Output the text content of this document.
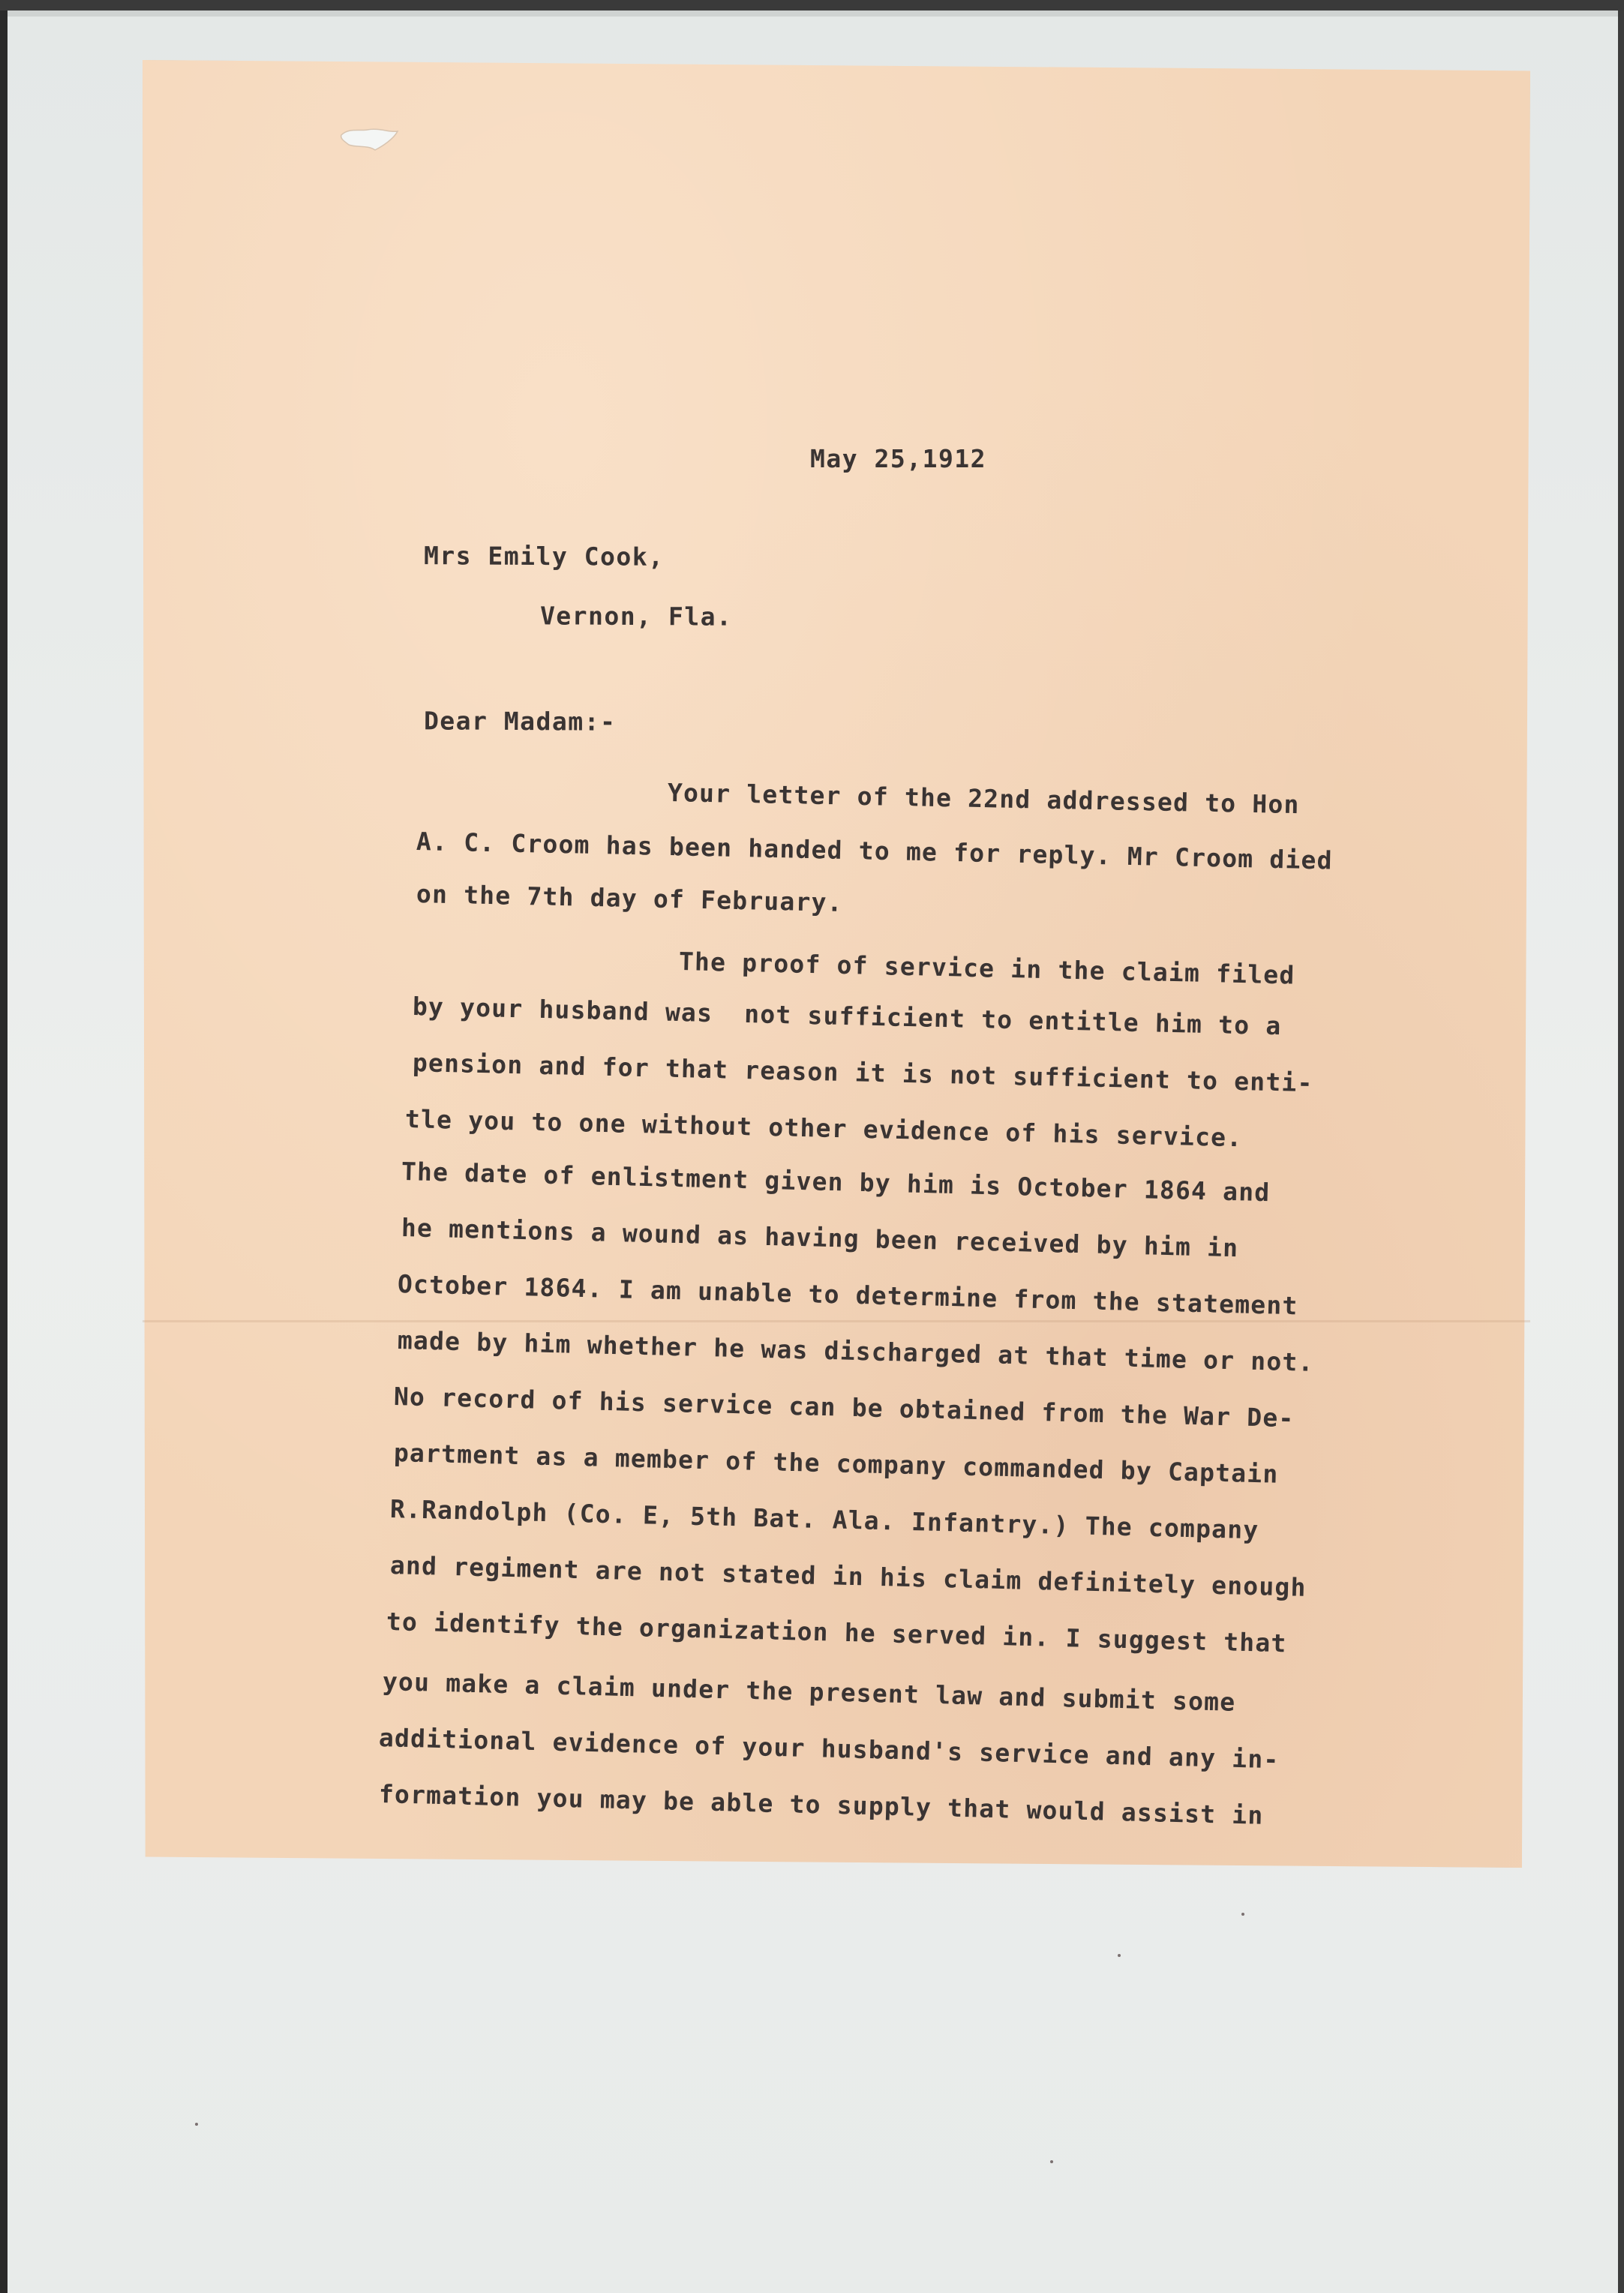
May 25,1912
Mrs Emily Cook,
Vernon, Fla.
Dear Madam:-
Your letter of the 22nd addressed to Hon
A. C. Croom has been handed to me for reply. Mr Croom died
on the 7th day of February.
The proof of service in the claim filed
by your husband was  not sufficient to entitle him to a
pension and for that reason it is not sufficient to enti-
tle you to one without other evidence of his service.
The date of enlistment given by him is October 1864 and
he mentions a wound as having been received by him in
October 1864. I am unable to determine from the statement
made by him whether he was discharged at that time or not.
No record of his service can be obtained from the War De-
partment as a member of the company commanded by Captain
R.Randolph (Co. E, 5th Bat. Ala. Infantry.) The company
and regiment are not stated in his claim definitely enough
to identify the organization he served in. I suggest that
you make a claim under the present law and submit some
additional evidence of your husband's service and any in-
formation you may be able to supply that would assist in
